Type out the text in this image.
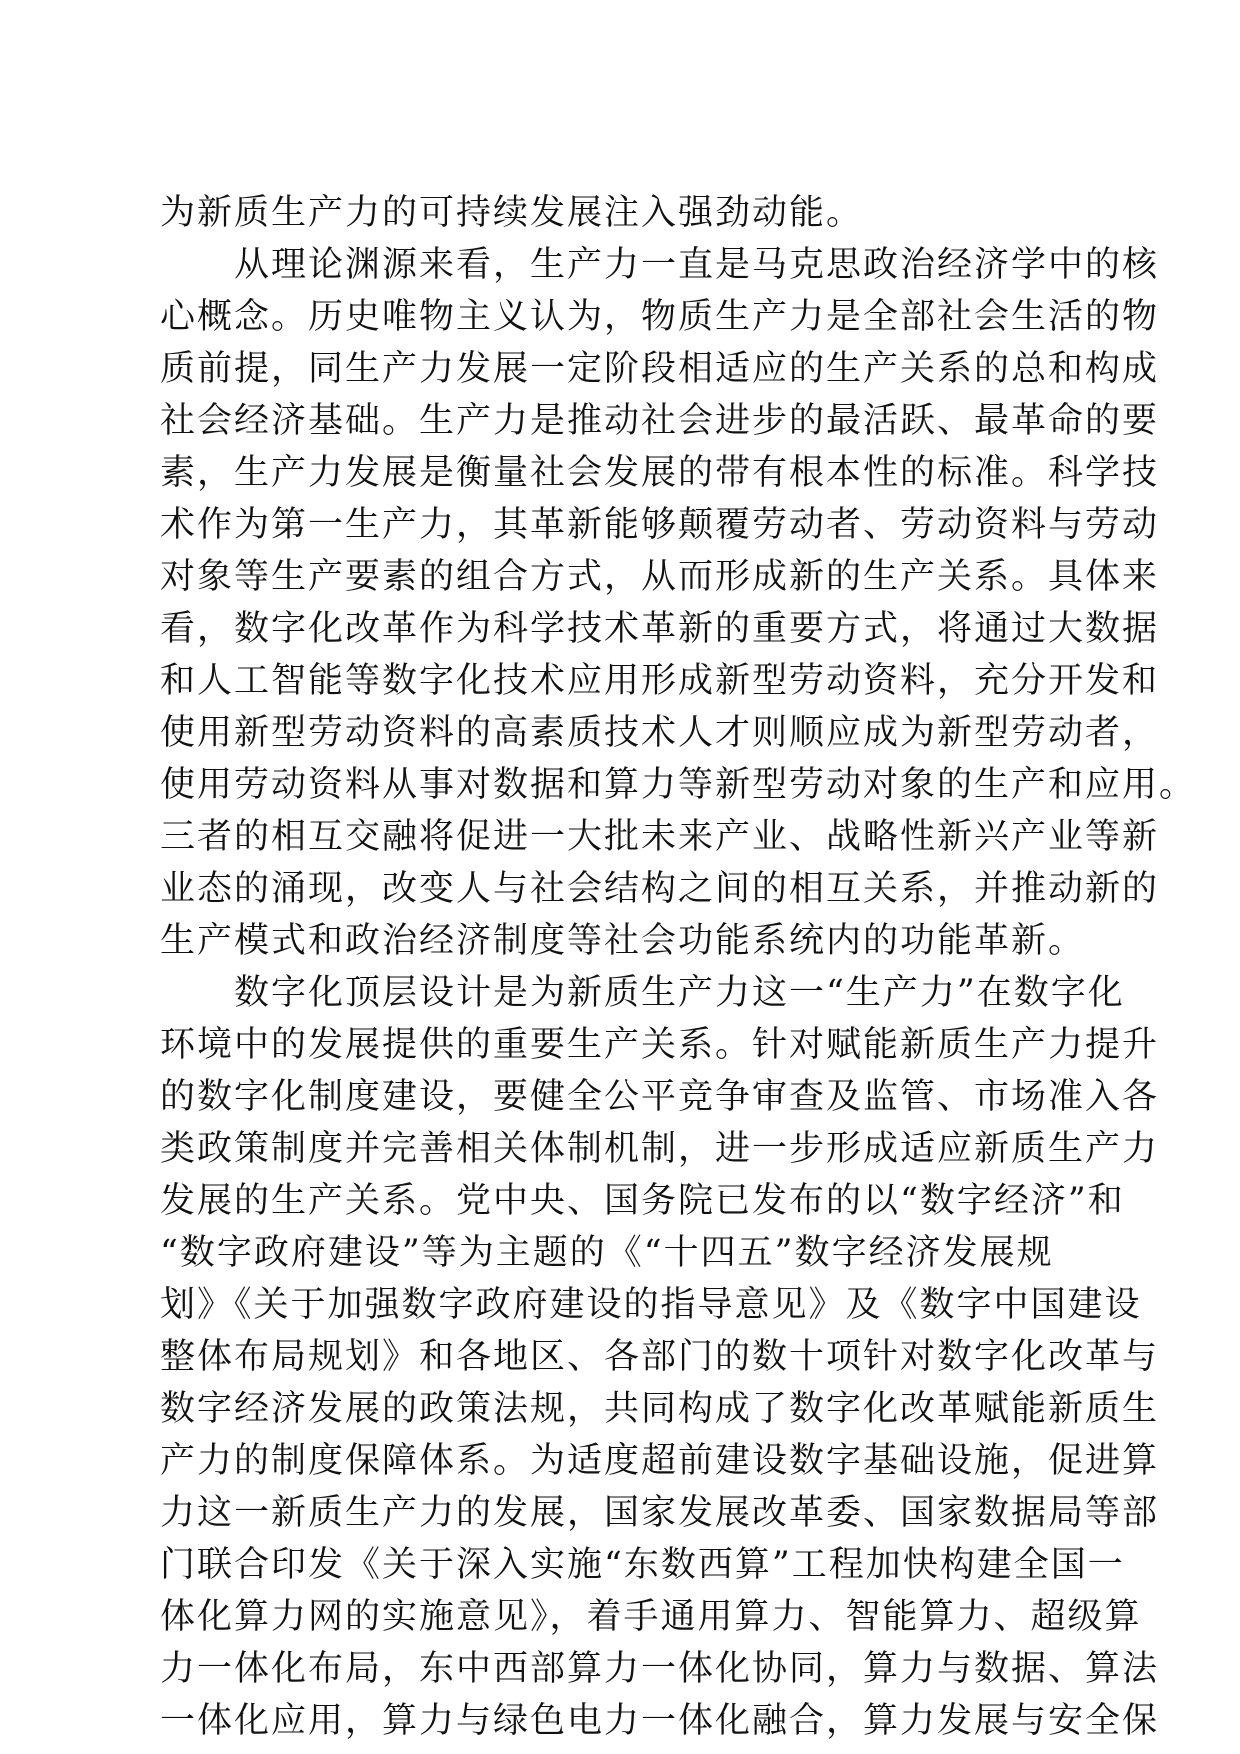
为新质生产力的可持续发展注入强劲动能。
从理论渊源来看，生产力一直是马克思政治经济学中的核
心概念。历史唯物主义认为，物质生产力是全部社会生活的物
质前提，同生产力发展一定阶段相适应的生产关系的总和构成
社会经济基础。生产力是推动社会进步的最活跃、最革命的要
素，生产力发展是衡量社会发展的带有根本性的标准。科学技
术作为第一生产力，其革新能够颠覆劳动者、劳动资料与劳动
对象等生产要素的组合方式，从而形成新的生产关系。具体来
看，数字化改革作为科学技术革新的重要方式，将通过大数据
和人工智能等数字化技术应用形成新型劳动资料，充分开发和
使用新型劳动资料的高素质技术人才则顺应成为新型劳动者，
使用劳动资料从事对数据和算力等新型劳动对象的生产和应用。
三者的相互交融将促进一大批未来产业、战略性新兴产业等新
业态的涌现，改变人与社会结构之间的相互关系，并推动新的
生产模式和政治经济制度等社会功能系统内的功能革新。
数字化顶层设计是为新质生产力这一“生产力”在数字化
环境中的发展提供的重要生产关系。针对赋能新质生产力提升
的数字化制度建设，要健全公平竞争审查及监管、市场准入各
类政策制度并完善相关体制机制，进一步形成适应新质生产力
发展的生产关系。党中央、国务院已发布的以“数字经济”和
“数字政府建设”等为主题的《“十四五”数字经济发展规
划》《关于加强数字政府建设的指导意见》及《数字中国建设
整体布局规划》和各地区、各部门的数十项针对数字化改革与
数字经济发展的政策法规，共同构成了数字化改革赋能新质生
产力的制度保障体系。为适度超前建设数字基础设施，促进算
力这一新质生产力的发展，国家发展改革委、国家数据局等部
门联合印发《关于深入实施“东数西算”工程加快构建全国一
体化算力网的实施意见》，着手通用算力、智能算力、超级算
力一体化布局，东中西部算力一体化协同，算力与数据、算法
一体化应用，算力与绿色电力一体化融合，算力发展与安全保
